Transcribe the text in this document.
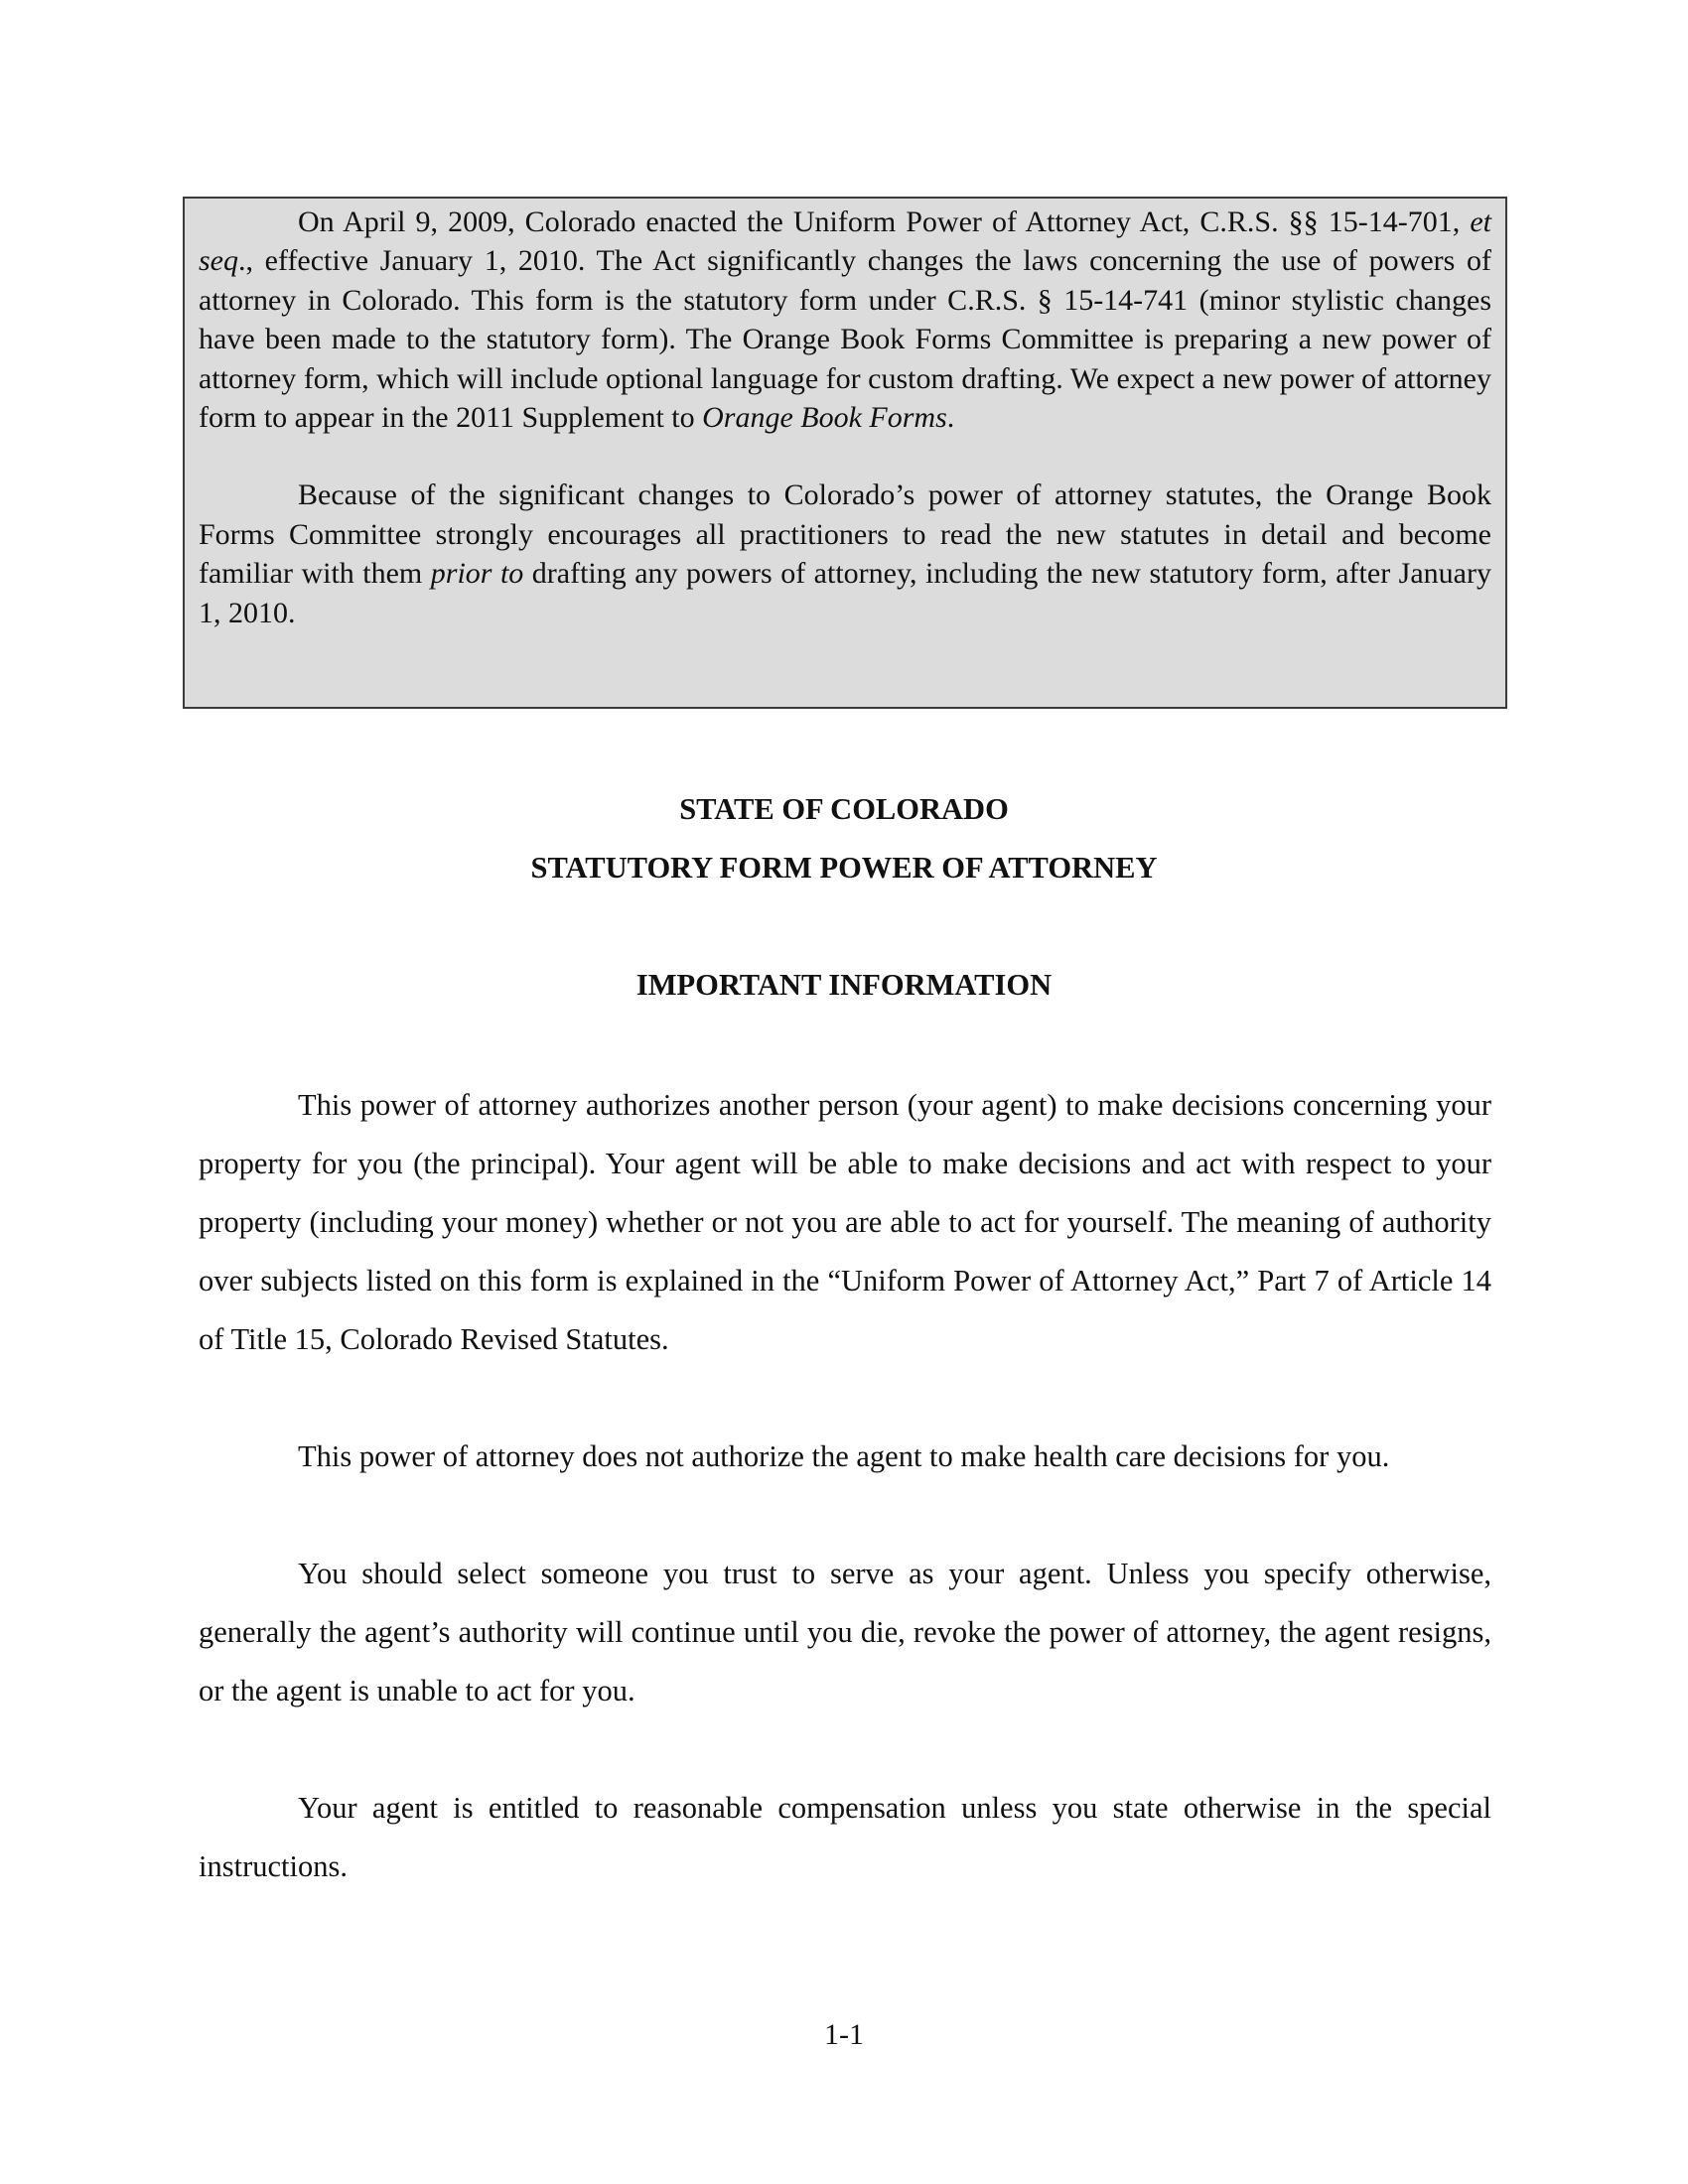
On April 9, 2009, Colorado enacted the Uniform Power of Attorney Act, C.R.S. §§ 15-14-701, et seq., effective January 1, 2010. The Act significantly changes the laws concerning the use of powers of attorney in Colorado. This form is the statutory form under C.R.S. § 15-14-741 (minor stylistic changes have been made to the statutory form). The Orange Book Forms Committee is preparing a new power of attorney form, which will include optional language for custom drafting. We expect a new power of attorney form to appear in the 2011 Supplement to Orange Book Forms.

Because of the significant changes to Colorado’s power of attorney statutes, the Orange Book Forms Committee strongly encourages all practitioners to read the new statutes in detail and become familiar with them prior to drafting any powers of attorney, including the new statutory form, after January 1, 2010.

STATE OF COLORADO
STATUTORY FORM POWER OF ATTORNEY
IMPORTANT INFORMATION

This power of attorney authorizes another person (your agent) to make decisions concerning your property for you (the principal). Your agent will be able to make decisions and act with respect to your property (including your money) whether or not you are able to act for yourself. The meaning of authority over subjects listed on this form is explained in the “Uniform Power of Attorney Act,” Part 7 of Article 14 of Title 15, Colorado Revised Statutes.

This power of attorney does not authorize the agent to make health care decisions for you.

You should select someone you trust to serve as your agent. Unless you specify otherwise, generally the agent’s authority will continue until you die, revoke the power of attorney, the agent resigns, or the agent is unable to act for you.

Your agent is entitled to reasonable compensation unless you state otherwise in the special instructions.

1-1
